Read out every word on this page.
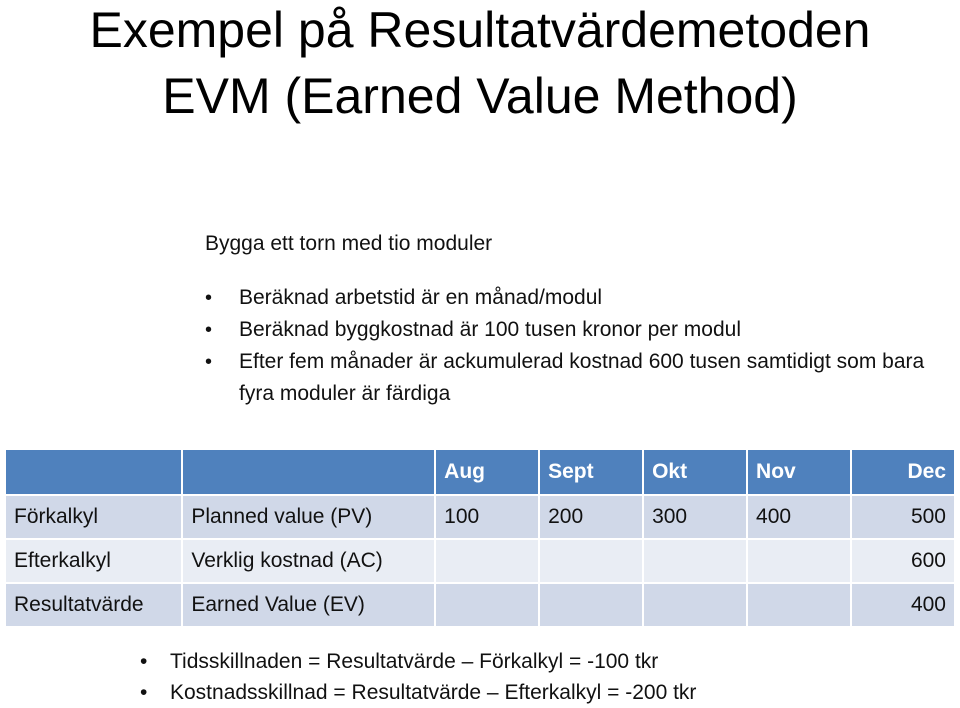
Exempel på Resultatvärdemetoden
EVM (Earned Value Method)

Bygga ett torn med tio moduler

• Beräknad arbetstid är en månad/modul
• Beräknad byggkostnad är 100 tusen kronor per modul
• Efter fem månader är ackumulerad kostnad 600 tusen samtidigt som bara fyra moduler är färdiga
		Aug	Sept	Okt	Nov	Dec
Förkalkyl	Planned value (PV)	100	200	300	400	500
Efterkalkyl	Verklig kostnad (AC)					600
Resultatvärde	Earned Value (EV)					400
• Tidsskillnaden = Resultatvärde – Förkalkyl = -100 tkr
• Kostnadsskillnad = Resultatvärde – Efterkalkyl = -200 tkr
